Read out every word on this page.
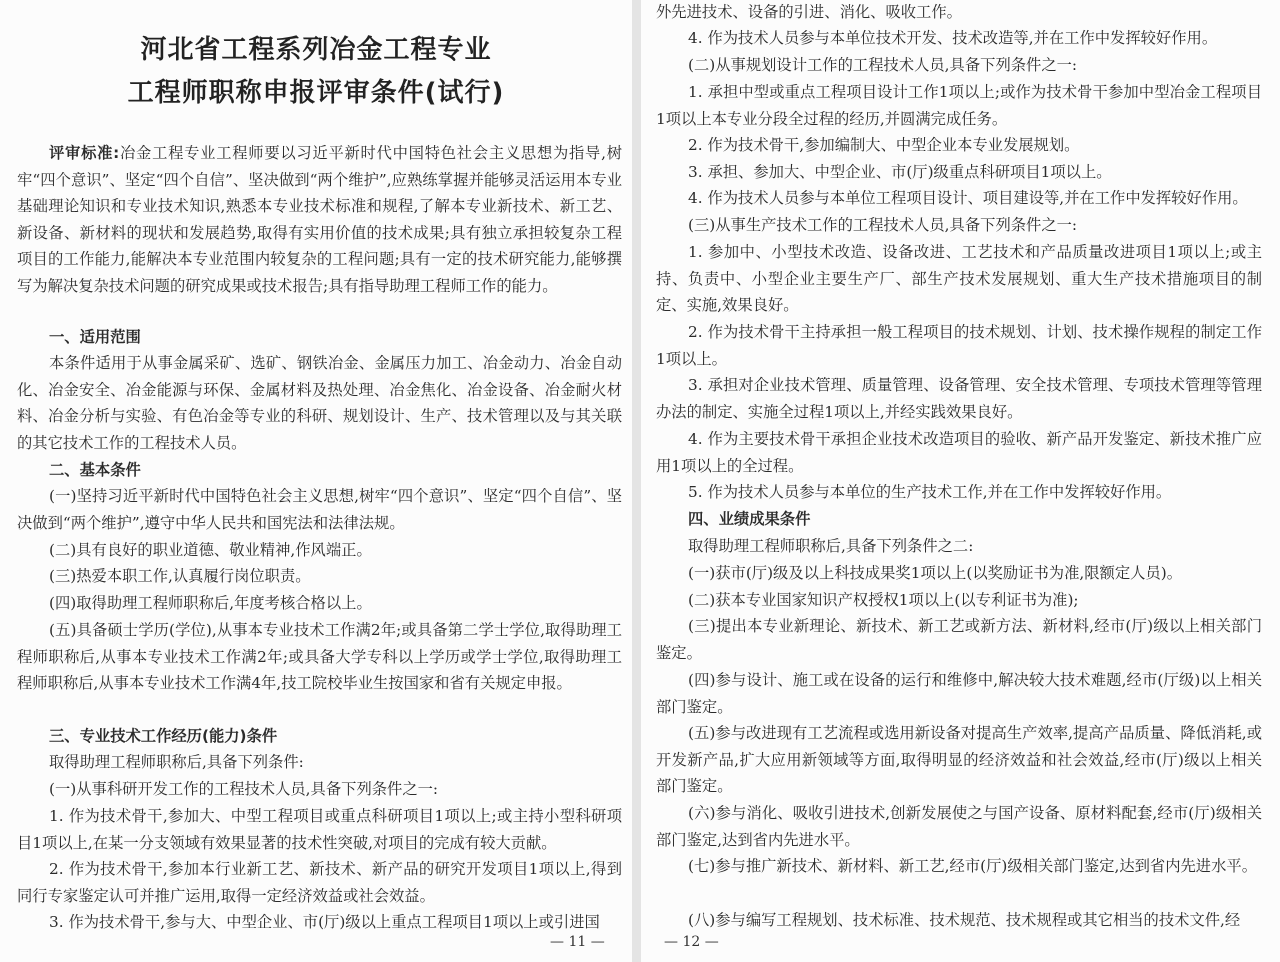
河北省工程系列冶金工程专业
工程师职称申报评审条件(试行)

评审标准:冶金工程专业工程师要以习近平新时代中国特色社会主义思想为指导,树牢“四个意识”、坚定“四个自信”、坚决做到“两个维护”,应熟练掌握并能够灵活运用本专业基础理论知识和专业技术知识,熟悉本专业技术标准和规程,了解本专业新技术、新工艺、新设备、新材料的现状和发展趋势,取得有实用价值的技术成果;具有独立承担较复杂工程项目的工作能力,能解决本专业范围内较复杂的工程问题;具有一定的技术研究能力,能够撰写为解决复杂技术问题的研究成果或技术报告;具有指导助理工程师工作的能力。

一、适用范围

本条件适用于从事金属采矿、选矿、钢铁冶金、金属压力加工、冶金动力、冶金自动化、冶金安全、冶金能源与环保、金属材料及热处理、冶金焦化、冶金设备、冶金耐火材料、冶金分析与实验、有色冶金等专业的科研、规划设计、生产、技术管理以及与其关联的其它技术工作的工程技术人员。

二、基本条件

(一)坚持习近平新时代中国特色社会主义思想,树牢“四个意识”、坚定“四个自信”、坚决做到“两个维护”,遵守中华人民共和国宪法和法律法规。

(二)具有良好的职业道德、敬业精神,作风端正。

(三)热爱本职工作,认真履行岗位职责。

(四)取得助理工程师职称后,年度考核合格以上。

(五)具备硕士学历(学位),从事本专业技术工作满2年;或具备第二学士学位,取得助理工程师职称后,从事本专业技术工作满2年;或具备大学专科以上学历或学士学位,取得助理工程师职称后,从事本专业技术工作满4年,技工院校毕业生按国家和省有关规定申报。

三、专业技术工作经历(能力)条件

取得助理工程师职称后,具备下列条件:

(一)从事科研开发工作的工程技术人员,具备下列条件之一:

1. 作为技术骨干,参加大、中型工程项目或重点科研项目1项以上;或主持小型科研项目1项以上,在某一分支领域有效果显著的技术性突破,对项目的完成有较大贡献。

2. 作为技术骨干,参加本行业新工艺、新技术、新产品的研究开发项目1项以上,得到同行专家鉴定认可并推广运用,取得一定经济效益或社会效益。

3. 作为技术骨干,参与大、中型企业、市(厅)级以上重点工程项目1项以上或引进国

— 11 —

外先进技术、设备的引进、消化、吸收工作。

4. 作为技术人员参与本单位技术开发、技术改造等,并在工作中发挥较好作用。

(二)从事规划设计工作的工程技术人员,具备下列条件之一:

1. 承担中型或重点工程项目设计工作1项以上;或作为技术骨干参加中型冶金工程项目1项以上本专业分段全过程的经历,并圆满完成任务。

2. 作为技术骨干,参加编制大、中型企业本专业发展规划。

3. 承担、参加大、中型企业、市(厅)级重点科研项目1项以上。

4. 作为技术人员参与本单位工程项目设计、项目建设等,并在工作中发挥较好作用。

(三)从事生产技术工作的工程技术人员,具备下列条件之一:

1. 参加中、小型技术改造、设备改进、工艺技术和产品质量改进项目1项以上;或主持、负责中、小型企业主要生产厂、部生产技术发展规划、重大生产技术措施项目的制定、实施,效果良好。

2. 作为技术骨干主持承担一般工程项目的技术规划、计划、技术操作规程的制定工作1项以上。

3. 承担对企业技术管理、质量管理、设备管理、安全技术管理、专项技术管理等管理办法的制定、实施全过程1项以上,并经实践效果良好。

4. 作为主要技术骨干承担企业技术改造项目的验收、新产品开发鉴定、新技术推广应用1项以上的全过程。

5. 作为技术人员参与本单位的生产技术工作,并在工作中发挥较好作用。

四、业绩成果条件

取得助理工程师职称后,具备下列条件之二:

(一)获市(厅)级及以上科技成果奖1项以上(以奖励证书为准,限额定人员)。

(二)获本专业国家知识产权授权1项以上(以专利证书为准);

(三)提出本专业新理论、新技术、新工艺或新方法、新材料,经市(厅)级以上相关部门鉴定。

(四)参与设计、施工或在设备的运行和维修中,解决较大技术难题,经市(厅级)以上相关部门鉴定。

(五)参与改进现有工艺流程或选用新设备对提高生产效率,提高产品质量、降低消耗,或开发新产品,扩大应用新领域等方面,取得明显的经济效益和社会效益,经市(厅)级以上相关部门鉴定。

(六)参与消化、吸收引进技术,创新发展使之与国产设备、原材料配套,经市(厅)级相关部门鉴定,达到省内先进水平。

(七)参与推广新技术、新材料、新工艺,经市(厅)级相关部门鉴定,达到省内先进水平。

(八)参与编写工程规划、技术标准、技术规范、技术规程或其它相当的技术文件,经

— 12 —
